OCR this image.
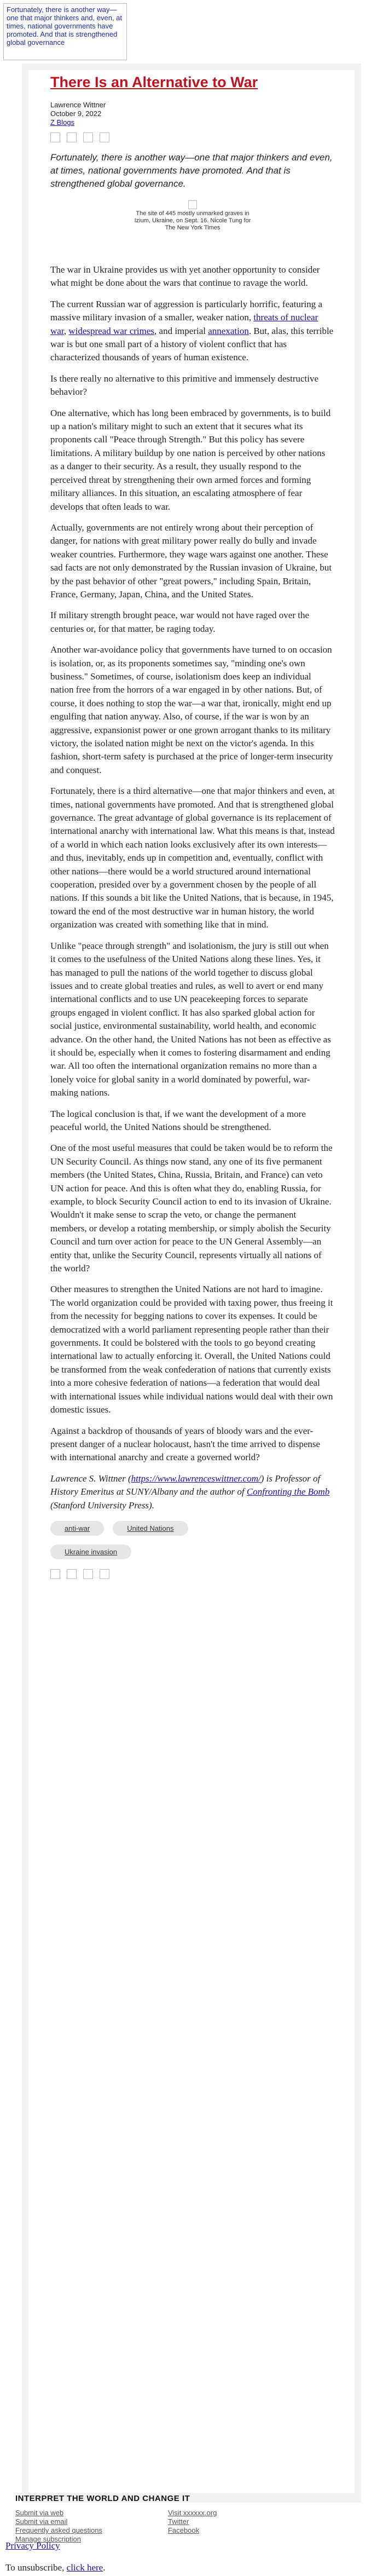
Fortunately, there is another way—one that major thinkers and, even, at times, national governments have promoted. And that is strengthened global governance
There Is an Alternative to War
Lawrence Wittner
October 9, 2022
Z Blogs
Fortunately, there is another way—one that major thinkers and even, at times, national governments have promoted. And that is strengthened global governance.
The site of 445 mostly unmarked graves in Izium, Ukraine, on Sept. 16. Nicole Tung for The New York Times

The war in Ukraine provides us with yet another opportunity to consider what might be done about the wars that continue to ravage the world.

The current Russian war of aggression is particularly horrific, featuring a massive military invasion of a smaller, weaker nation, threats of nuclear war, widespread war crimes, and imperial annexation. But, alas, this terrible war is but one small part of a history of violent conflict that has characterized thousands of years of human existence.

Is there really no alternative to this primitive and immensely destructive behavior?

One alternative, which has long been embraced by governments, is to build up a nation's military might to such an extent that it secures what its proponents call "Peace through Strength." But this policy has severe limitations. A military buildup by one nation is perceived by other nations as a danger to their security. As a result, they usually respond to the perceived threat by strengthening their own armed forces and forming military alliances. In this situation, an escalating atmosphere of fear develops that often leads to war.

Actually, governments are not entirely wrong about their perception of danger, for nations with great military power really do bully and invade weaker countries. Furthermore, they wage wars against one another. These sad facts are not only demonstrated by the Russian invasion of Ukraine, but by the past behavior of other "great powers," including Spain, Britain, France, Germany, Japan, China, and the United States.

If military strength brought peace, war would not have raged over the centuries or, for that matter, be raging today.

Another war-avoidance policy that governments have turned to on occasion is isolation, or, as its proponents sometimes say, "minding one's own business." Sometimes, of course, isolationism does keep an individual nation free from the horrors of a war engaged in by other nations. But, of course, it does nothing to stop the war—a war that, ironically, might end up engulfing that nation anyway. Also, of course, if the war is won by an aggressive, expansionist power or one grown arrogant thanks to its military victory, the isolated nation might be next on the victor's agenda. In this fashion, short-term safety is purchased at the price of longer-term insecurity and conquest.

Fortunately, there is a third alternative—one that major thinkers and even, at times, national governments have promoted. And that is strengthened global governance. The great advantage of global governance is its replacement of international anarchy with international law. What this means is that, instead of a world in which each nation looks exclusively after its own interests—and thus, inevitably, ends up in competition and, eventually, conflict with other nations—there would be a world structured around international cooperation, presided over by a government chosen by the people of all nations. If this sounds a bit like the United Nations, that is because, in 1945, toward the end of the most destructive war in human history, the world organization was created with something like that in mind.

Unlike "peace through strength" and isolationism, the jury is still out when it comes to the usefulness of the United Nations along these lines. Yes, it has managed to pull the nations of the world together to discuss global issues and to create global treaties and rules, as well to avert or end many international conflicts and to use UN peacekeeping forces to separate groups engaged in violent conflict. It has also sparked global action for social justice, environmental sustainability, world health, and economic advance. On the other hand, the United Nations has not been as effective as it should be, especially when it comes to fostering disarmament and ending war. All too often the international organization remains no more than a lonely voice for global sanity in a world dominated by powerful, war-making nations.

The logical conclusion is that, if we want the development of a more peaceful world, the United Nations should be strengthened.

One of the most useful measures that could be taken would be to reform the UN Security Council. As things now stand, any one of its five permanent members (the United States, China, Russia, Britain, and France) can veto UN action for peace. And this is often what they do, enabling Russia, for example, to block Security Council action to end to its invasion of Ukraine. Wouldn't it make sense to scrap the veto, or change the permanent members, or develop a rotating membership, or simply abolish the Security Council and turn over action for peace to the UN General Assembly—an entity that, unlike the Security Council, represents virtually all nations of the world?

Other measures to strengthen the United Nations are not hard to imagine. The world organization could be provided with taxing power, thus freeing it from the necessity for begging nations to cover its expenses. It could be democratized with a world parliament representing people rather than their governments. It could be bolstered with the tools to go beyond creating international law to actually enforcing it. Overall, the United Nations could be transformed from the weak confederation of nations that currently exists into a more cohesive federation of nations—a federation that would deal with international issues while individual nations would deal with their own domestic issues.

Against a backdrop of thousands of years of bloody wars and the ever-present danger of a nuclear holocaust, hasn't the time arrived to dispense with international anarchy and create a governed world?

Lawrence S. Wittner (https://www.lawrenceswittner.com/) is Professor of History Emeritus at SUNY/Albany and the author of Confronting the Bomb (Stanford University Press).

anti-war	United Nations
Ukraine invasion
INTERPRET THE WORLD AND CHANGE IT
Submit via web
Submit via email
Frequently asked questions
Manage subscription
Visit xxxxxx.org
Twitter
Facebook
Privacy Policy
To unsubscribe, click here.
